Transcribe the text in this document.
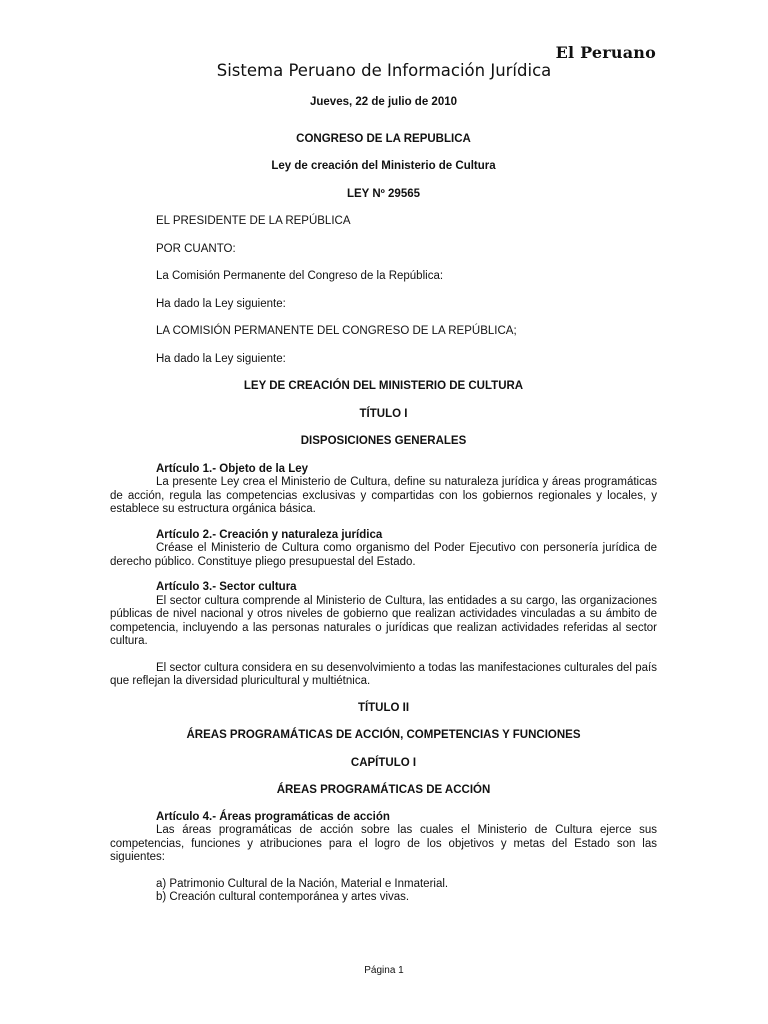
El Peruano
Sistema Peruano de Información Jurídica

Jueves, 22 de julio de 2010

CONGRESO DE LA REPUBLICA

Ley de creación del Ministerio de Cultura

LEY Nº 29565

EL PRESIDENTE DE LA REPÚBLICA

POR CUANTO:

La Comisión Permanente del Congreso de la República:

Ha dado la Ley siguiente:

LA COMISIÓN PERMANENTE DEL CONGRESO DE LA REPÚBLICA;

Ha dado la Ley siguiente:

LEY DE CREACIÓN DEL MINISTERIO DE CULTURA

TÍTULO I

DISPOSICIONES GENERALES

Artículo 1.- Objeto de la Ley

La presente Ley crea el Ministerio de Cultura, define su naturaleza jurídica y áreas programáticas de acción, regula las competencias exclusivas y compartidas con los gobiernos regionales y locales, y establece su estructura orgánica básica.

Artículo 2.- Creación y naturaleza jurídica

Créase el Ministerio de Cultura como organismo del Poder Ejecutivo con personería jurídica de derecho público. Constituye pliego presupuestal del Estado.

Artículo 3.- Sector cultura

El sector cultura comprende al Ministerio de Cultura, las entidades a su cargo, las organizaciones públicas de nivel nacional y otros niveles de gobierno que realizan actividades vinculadas a su ámbito de competencia, incluyendo a las personas naturales o jurídicas que realizan actividades referidas al sector cultura.

El sector cultura considera en su desenvolvimiento a todas las manifestaciones culturales del país que reflejan la diversidad pluricultural y multiétnica.

TÍTULO II

ÁREAS PROGRAMÁTICAS DE ACCIÓN, COMPETENCIAS Y FUNCIONES

CAPÍTULO I

ÁREAS PROGRAMÁTICAS DE ACCIÓN

Artículo 4.- Áreas programáticas de acción

Las áreas programáticas de acción sobre las cuales el Ministerio de Cultura ejerce sus competencias, funciones y atribuciones para el logro de los objetivos y metas del Estado son las siguientes:

a) Patrimonio Cultural de la Nación, Material e Inmaterial.

b) Creación cultural contemporánea y artes vivas.

Página 1
